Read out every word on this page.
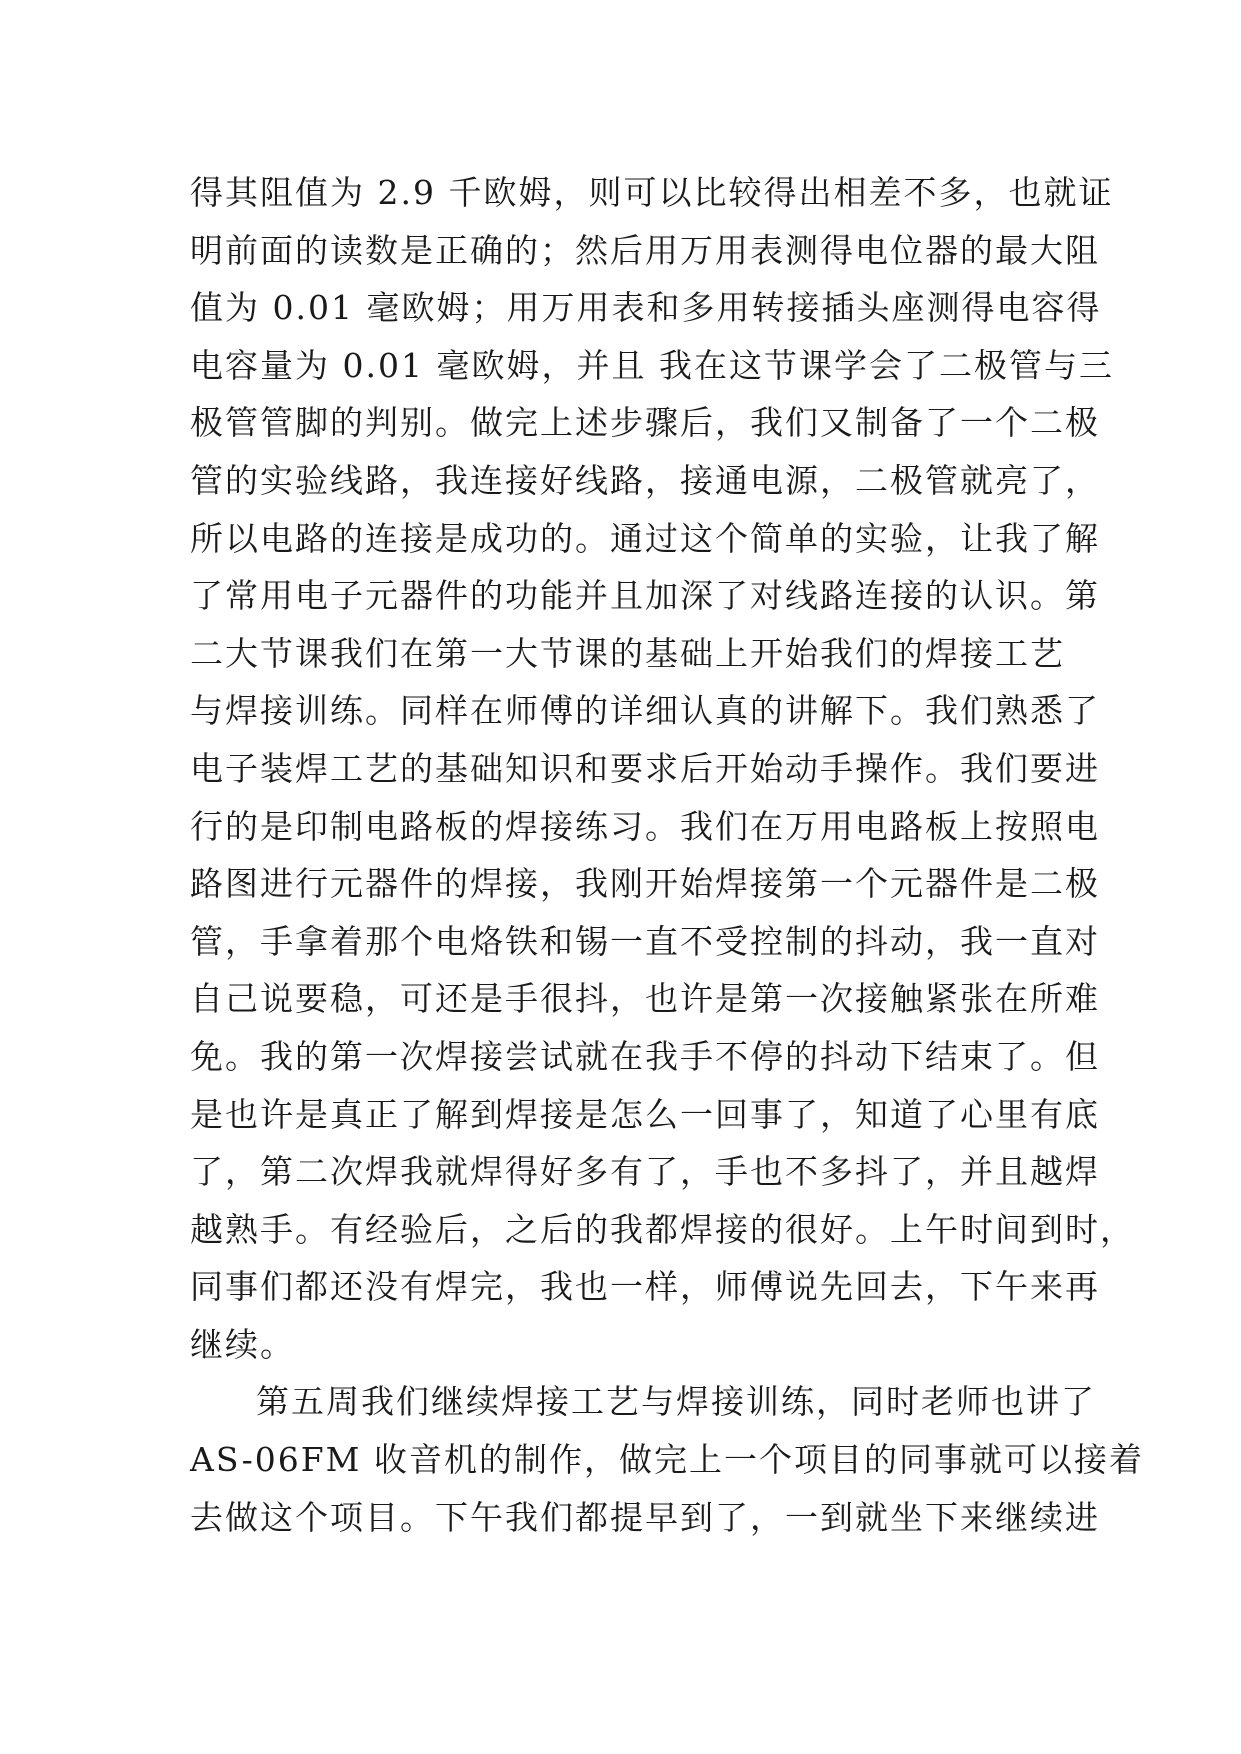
得其阻值为 2.9 千欧姆，则可以比较得出相差不多，也就证
明前面的读数是正确的；然后用万用表测得电位器的最大阻
值为 0.01 毫欧姆；用万用表和多用转接插头座测得电容得
电容量为 0.01 毫欧姆，并且 我在这节课学会了二极管与三
极管管脚的判别。做完上述步骤后，我们又制备了一个二极
管的实验线路，我连接好线路，接通电源，二极管就亮了，
所以电路的连接是成功的。通过这个简单的实验，让我了解
了常用电子元器件的功能并且加深了对线路连接的认识。第
二大节课我们在第一大节课的基础上开始我们的焊接工艺
与焊接训练。同样在师傅的详细认真的讲解下。我们熟悉了
电子装焊工艺的基础知识和要求后开始动手操作。我们要进
行的是印制电路板的焊接练习。我们在万用电路板上按照电
路图进行元器件的焊接，我刚开始焊接第一个元器件是二极
管，手拿着那个电烙铁和锡一直不受控制的抖动，我一直对
自己说要稳，可还是手很抖，也许是第一次接触紧张在所难
免。我的第一次焊接尝试就在我手不停的抖动下结束了。但
是也许是真正了解到焊接是怎么一回事了，知道了心里有底
了，第二次焊我就焊得好多有了，手也不多抖了，并且越焊
越熟手。有经验后，之后的我都焊接的很好。上午时间到时，
同事们都还没有焊完，我也一样，师傅说先回去，下午来再
继续。
第五周我们继续焊接工艺与焊接训练，同时老师也讲了
AS-06FM 收音机的制作，做完上一个项目的同事就可以接着
去做这个项目。下午我们都提早到了，一到就坐下来继续进
